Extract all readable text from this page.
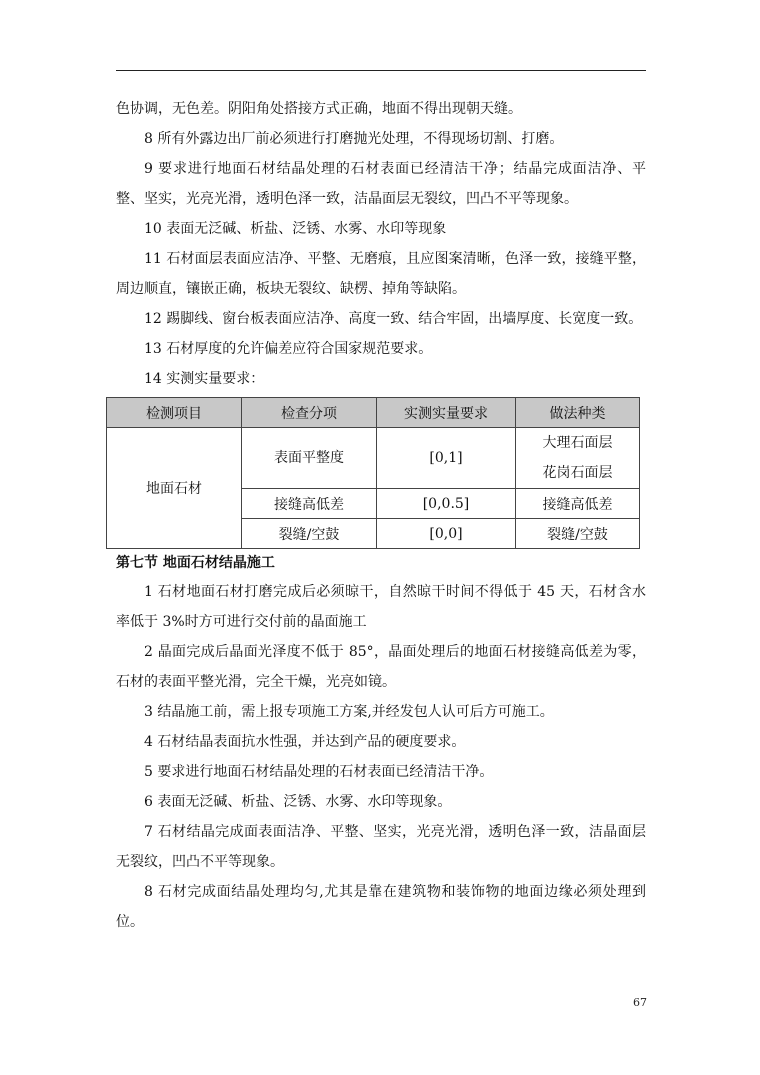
色协调，无色差。阴阳角处搭接方式正确，地面不得出现朝天缝。

8 所有外露边出厂前必须进行打磨抛光处理，不得现场切割、打磨。

9 要求进行地面石材结晶处理的石材表面已经清洁干净；结晶完成面洁净、平整、坚实，光亮光滑，透明色泽一致，洁晶面层无裂纹，凹凸不平等现象。

10 表面无泛碱、析盐、泛锈、水雾、水印等现象

11 石材面层表面应洁净、平整、无磨痕，且应图案清晰，色泽一致，接缝平整，周边顺直，镶嵌正确，板块无裂纹、缺楞、掉角等缺陷。

12 踢脚线、窗台板表面应洁净、高度一致、结合牢固，出墙厚度、长宽度一致。

13 石材厚度的允许偏差应符合国家规范要求。

14 实测实量要求：

检测项目	检查分项	实测实量要求	做法种类
地面石材	表面平整度	[0,1]	大理石面层
花岗石面层

	接缝高低差	[0,0.5]	接缝高低差
	裂缝/空鼓	[0,0]	裂缝/空鼓

第七节 地面石材结晶施工

1 石材地面石材打磨完成后必须晾干，自然晾干时间不得低于 45 天，石材含水率低于 3%时方可进行交付前的晶面施工

2 晶面完成后晶面光泽度不低于 85°，晶面处理后的地面石材接缝高低差为零，石材的表面平整光滑，完全干燥，光亮如镜。

3 结晶施工前，需上报专项施工方案,并经发包人认可后方可施工。

4 石材结晶表面抗水性强，并达到产品的硬度要求。

5 要求进行地面石材结晶处理的石材表面已经清洁干净。

6 表面无泛碱、析盐、泛锈、水雾、水印等现象。

7 石材结晶完成面表面洁净、平整、坚实，光亮光滑，透明色泽一致，洁晶面层无裂纹，凹凸不平等现象。

8 石材完成面结晶处理均匀,尤其是靠在建筑物和装饰物的地面边缘必须处理到位。

67
